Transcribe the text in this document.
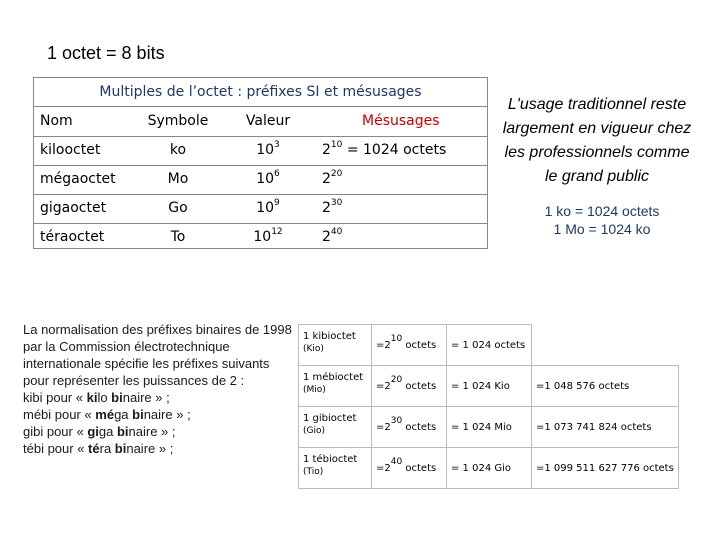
1 octet = 8 bits
Multiples de l’octet : préfixes SI et mésusages
Nom	Symbole	Valeur	Mésusages
kilooctet	ko	$10^3$	$2^{10} = 1024$ octets
mégaoctet	Mo	$10^6$	$2^{20}$
gigaoctet	Go	$10^9$	$2^{30}$
téraoctet	To	$10^{12}$	$2^{40}$
L'usage traditionnel reste largement en vigueur chez les professionnels comme le grand public
1 ko = 1024 octets
1 Mo = 1024 ko
La normalisation des préfixes binaires de 1998 par la Commission électrotechnique internationale spécifie les préfixes suivants pour représenter les puissances de 2 :
kibi pour « kilo binaire » ;
mébi pour « méga binaire » ;
gibi pour « giga binaire » ;
tébi pour « téra binaire » ;
1 kibioctet
(Kio)	$=2^{10}$ octets	= 1 024 octets	

1 mébioctet
(Mio)	$=2^{20}$ octets	= 1 024 Kio	=1 048 576 octets

1 gibioctet
(Gio)	$=2^{30}$ octets	= 1 024 Mio	=1 073 741 824 octets

1 tébioctet
(Tio)	$=2^{40}$ octets	= 1 024 Gio	=1 099 511 627 776 octets
